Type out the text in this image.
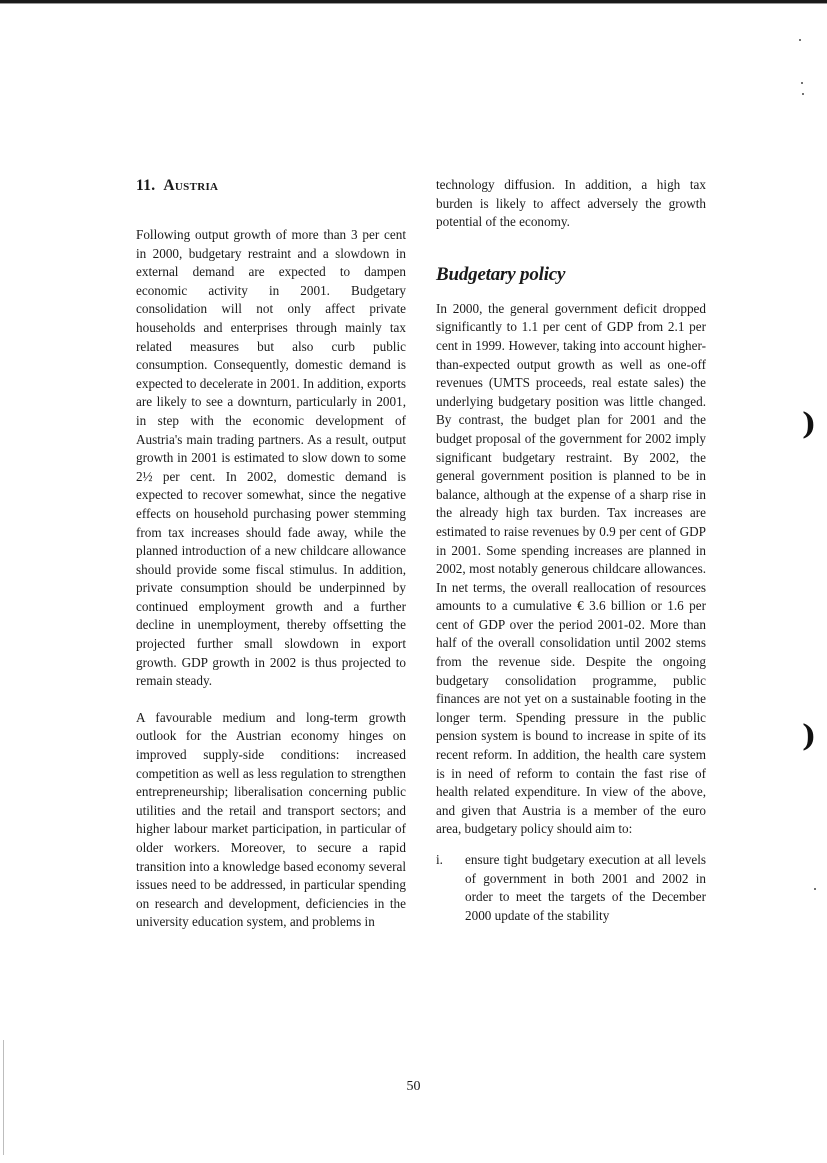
)
)
11. Austria

Following output growth of more than 3 per cent in 2000, budgetary restraint and a slowdown in external demand are expected to dampen economic activity in 2001. Budgetary consolidation will not only affect private households and enterprises through mainly tax related measures but also curb public consumption. Consequently, domestic demand is expected to decelerate in 2001. In addition, exports are likely to see a downturn, particularly in 2001, in step with the economic development of Austria's main trading partners. As a result, output growth in 2001 is estimated to slow down to some 2½ per cent. In 2002, domestic demand is expected to recover somewhat, since the negative effects on household purchasing power stemming from tax increases should fade away, while the planned introduction of a new childcare allowance should provide some fiscal stimulus. In addition, private consumption should be underpinned by continued employment growth and a further decline in unemployment, thereby offsetting the projected further small slowdown in export growth. GDP growth in 2002 is thus projected to remain steady.

A favourable medium and long-term growth outlook for the Austrian economy hinges on improved supply-side conditions: increased competition as well as less regulation to strengthen entrepreneurship; liberalisation concerning public utilities and the retail and transport sectors; and higher labour market participation, in particular of older workers. Moreover, to secure a rapid transition into a knowledge based economy several issues need to be addressed, in particular spending on research and development, deficiencies in the university education system, and problems in

technology diffusion. In addition, a high tax burden is likely to affect adversely the growth potential of the economy.

Budgetary policy

In 2000, the general government deficit dropped significantly to 1.1 per cent of GDP from 2.1 per cent in 1999. However, taking into account higher-than-expected output growth as well as one-off revenues (UMTS proceeds, real estate sales) the underlying budgetary position was little changed. By contrast, the budget plan for 2001 and the budget proposal of the government for 2002 imply significant budgetary restraint. By 2002, the general government position is planned to be in balance, although at the expense of a sharp rise in the already high tax burden. Tax increases are estimated to raise revenues by 0.9 per cent of GDP in 2001. Some spending increases are planned in 2002, most notably generous childcare allowances. In net terms, the overall reallocation of resources amounts to a cumulative € 3.6 billion or 1.6 per cent of GDP over the period 2001-02. More than half of the overall consolidation until 2002 stems from the revenue side. Despite the ongoing budgetary consolidation programme, public finances are not yet on a sustainable footing in the longer term. Spending pressure in the public pension system is bound to increase in spite of its recent reform. In addition, the health care system is in need of reform to contain the fast rise of health related expenditure. In view of the above, and given that Austria is a member of the euro area, budgetary policy should aim to:

i.	ensure tight budgetary execution at all levels of government in both 2001 and 2002 in order to meet the targets of the December 2000 update of the stability

50
